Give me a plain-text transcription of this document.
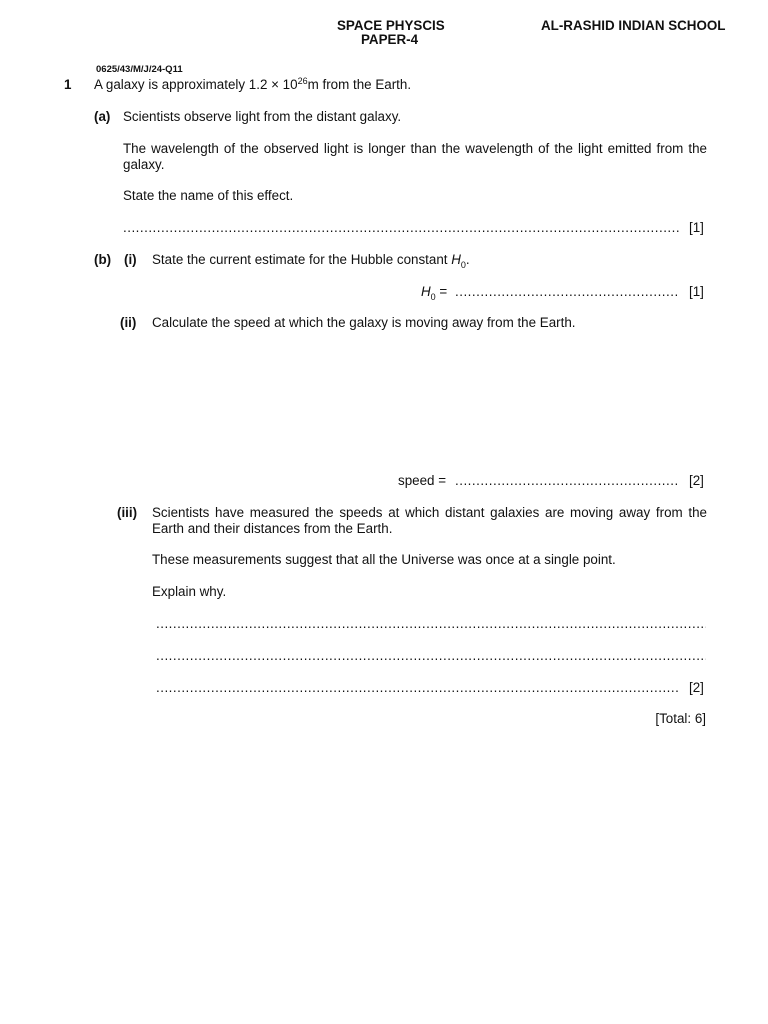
SPACE PHYSCIS
PAPER-4
AL-RASHID INDIAN SCHOOL
0625/43/M/J/24-Q11
1 A galaxy is approximately $1.2 \times 10^{26}m$ from the Earth.
(a) Scientists observe light from the distant galaxy.
The wavelength of the observed light is longer than the wavelength of the light emitted from the galaxy.
State the name of this effect.
.....
[1]
(b) (i) State the current estimate for the Hubble constant $H_0$.
$H_0$ = .....	[1]
(ii) Calculate the speed at which the galaxy is moving away from the Earth.
speed = .....	[2]
(iii) Scientists have measured the speeds at which distant galaxies are moving away from the Earth and their distances from the Earth.
These measurements suggest that all the Universe was once at a single point.
Explain why.
.....
.....
.....
[2]
[Total: 6]
